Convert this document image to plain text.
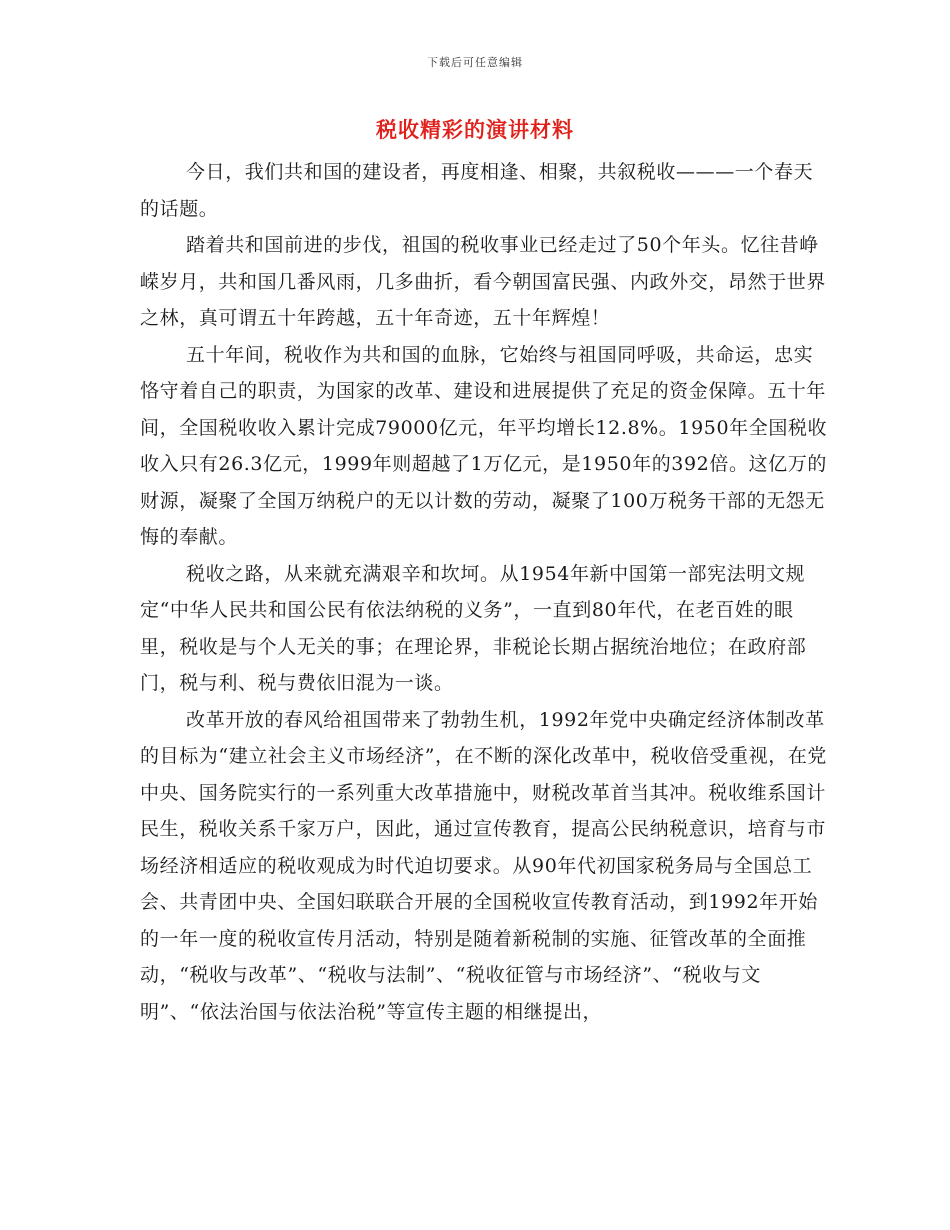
下载后可任意编辑
税收精彩的演讲材料

今日，我们共和国的建设者，再度相逢、相聚，共叙税收———一个春天的话题。

踏着共和国前进的步伐，祖国的税收事业已经走过了50个年头。忆往昔峥嵘岁月，共和国几番风雨，几多曲折，看今朝国富民强、内政外交，昂然于世界之林，真可谓五十年跨越，五十年奇迹，五十年辉煌！

五十年间，税收作为共和国的血脉，它始终与祖国同呼吸，共命运，忠实恪守着自己的职责，为国家的改革、建设和进展提供了充足的资金保障。五十年间，全国税收收入累计完成79000亿元，年平均增长12.8%。1950年全国税收收入只有26.3亿元，1999年则超越了1万亿元，是1950年的392倍。这亿万的财源，凝聚了全国万纳税户的无以计数的劳动，凝聚了100万税务干部的无怨无悔的奉献。

税收之路，从来就充满艰辛和坎坷。从1954年新中国第一部宪法明文规定“中华人民共和国公民有依法纳税的义务”，一直到80年代，在老百姓的眼里，税收是与个人无关的事；在理论界，非税论长期占据统治地位；在政府部门，税与利、税与费依旧混为一谈。

改革开放的春风给祖国带来了勃勃生机，1992年党中央确定经济体制改革的目标为“建立社会主义市场经济”，在不断的深化改革中，税收倍受重视，在党中央、国务院实行的一系列重大改革措施中，财税改革首当其冲。税收维系国计民生，税收关系千家万户，因此，通过宣传教育，提高公民纳税意识，培育与市场经济相适应的税收观成为时代迫切要求。从90年代初国家税务局与全国总工会、共青团中央、全国妇联联合开展的全国税收宣传教育活动，到1992年开始的一年一度的税收宣传月活动，特别是随着新税制的实施、征管改革的全面推动，“税收与改革”、“税收与法制”、“税收征管与市场经济”、“税收与文明”、“依法治国与依法治税”等宣传主题的相继提出，
